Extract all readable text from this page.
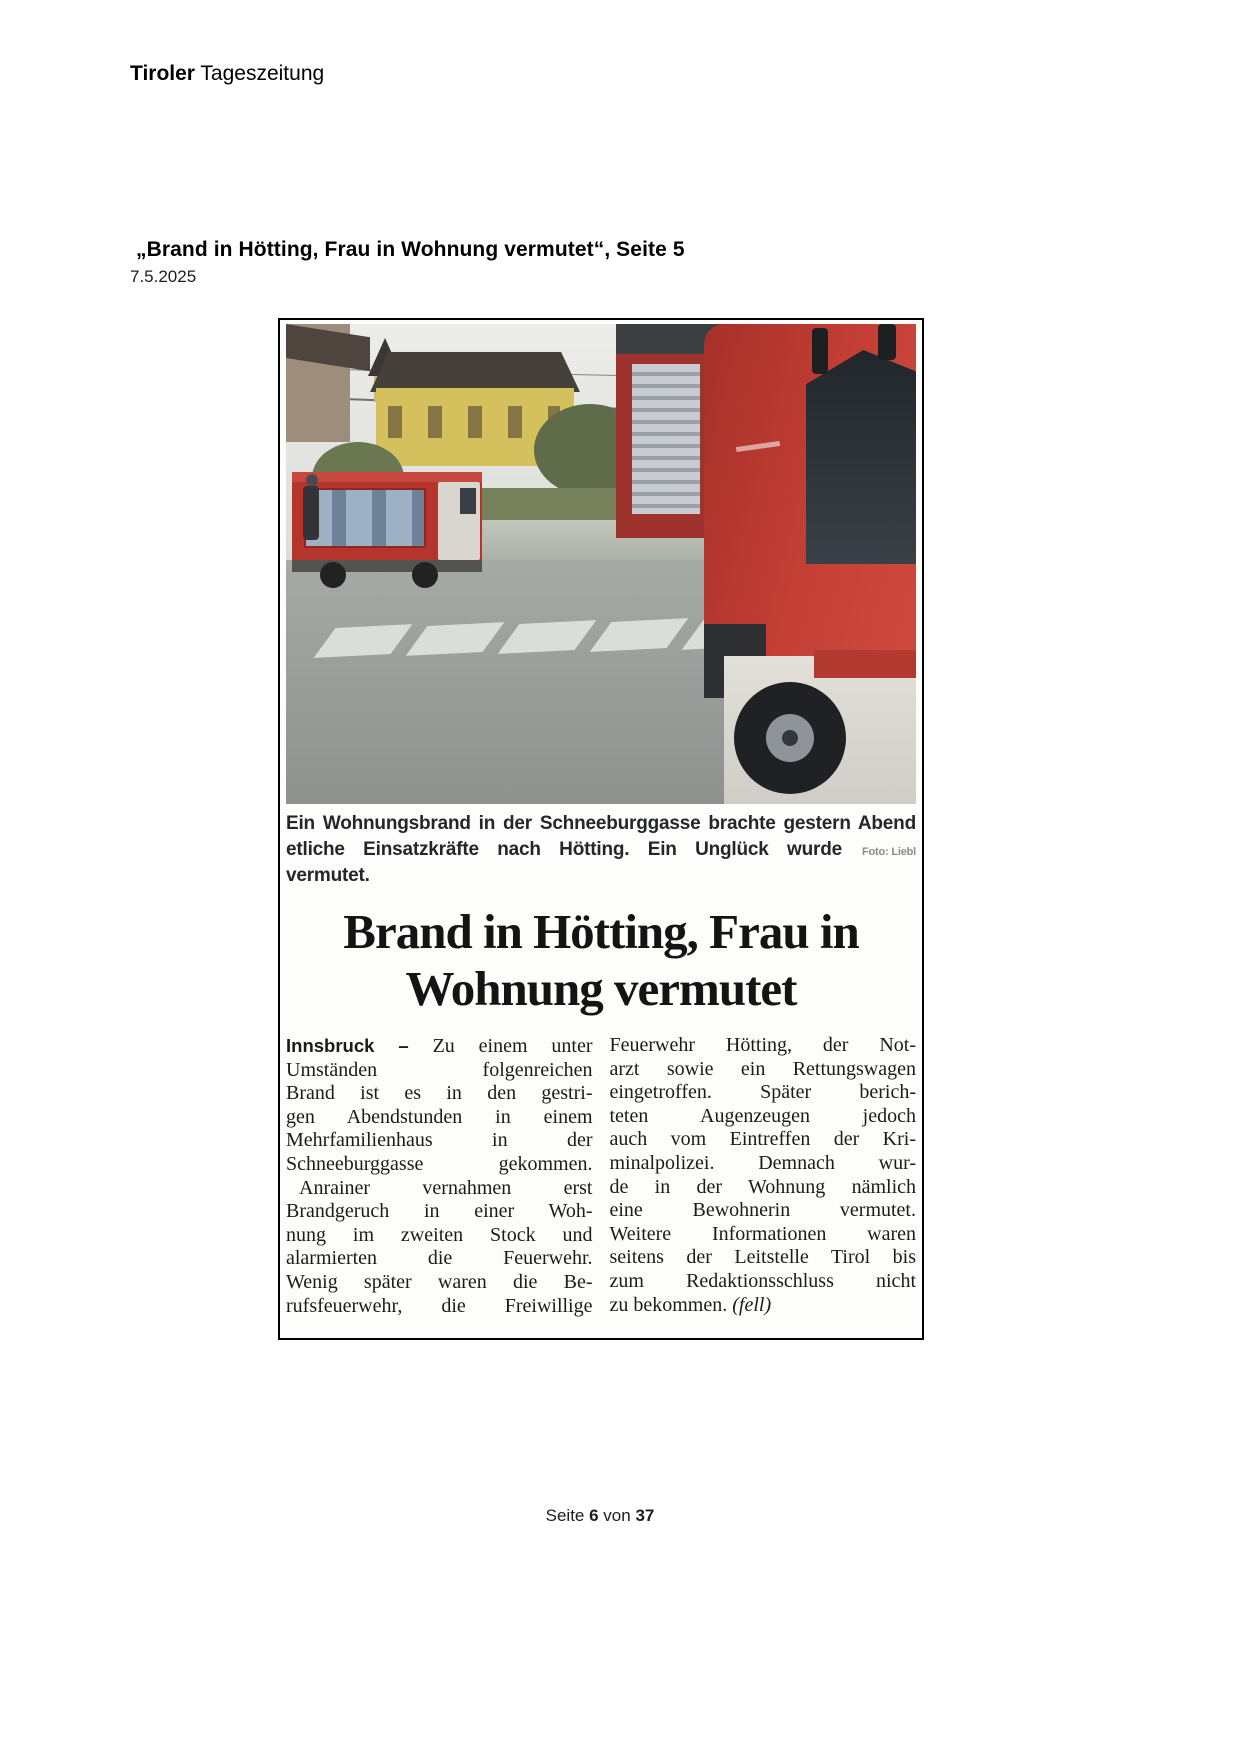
Tiroler Tageszeitung
„Brand in Hötting, Frau in Wohnung vermutet“, Seite 5
7.5.2025
Ein Wohnungsbrand in der Schneeburggasse brachte gestern Abend
etliche Einsatzkräfte nach Hötting. Ein Unglück wurde vermutet.
Foto: Liebl
Brand in Hötting, Frau in
Wohnung vermutet
Innsbruck – Zu einem unter
Umständen folgenreichen
Brand ist es in den gestri-
gen Abendstunden in einem
Mehrfamilienhaus in der
Schneeburggasse gekommen.
Anrainer vernahmen erst
Brandgeruch in einer Woh-
nung im zweiten Stock und
alarmierten die Feuerwehr.
Wenig später waren die Be-
rufsfeuerwehr, die Freiwillige
Feuerwehr Hötting, der Not-
arzt sowie ein Rettungswagen
eingetroffen. Später berich-
teten Augenzeugen jedoch
auch vom Eintreffen der Kri-
minalpolizei. Demnach wur-
de in der Wohnung nämlich
eine Bewohnerin vermutet.
Weitere Informationen waren
seitens der Leitstelle Tirol bis
zum Redaktionsschluss nicht
zu bekommen. (fell)
Seite 6 von 37
